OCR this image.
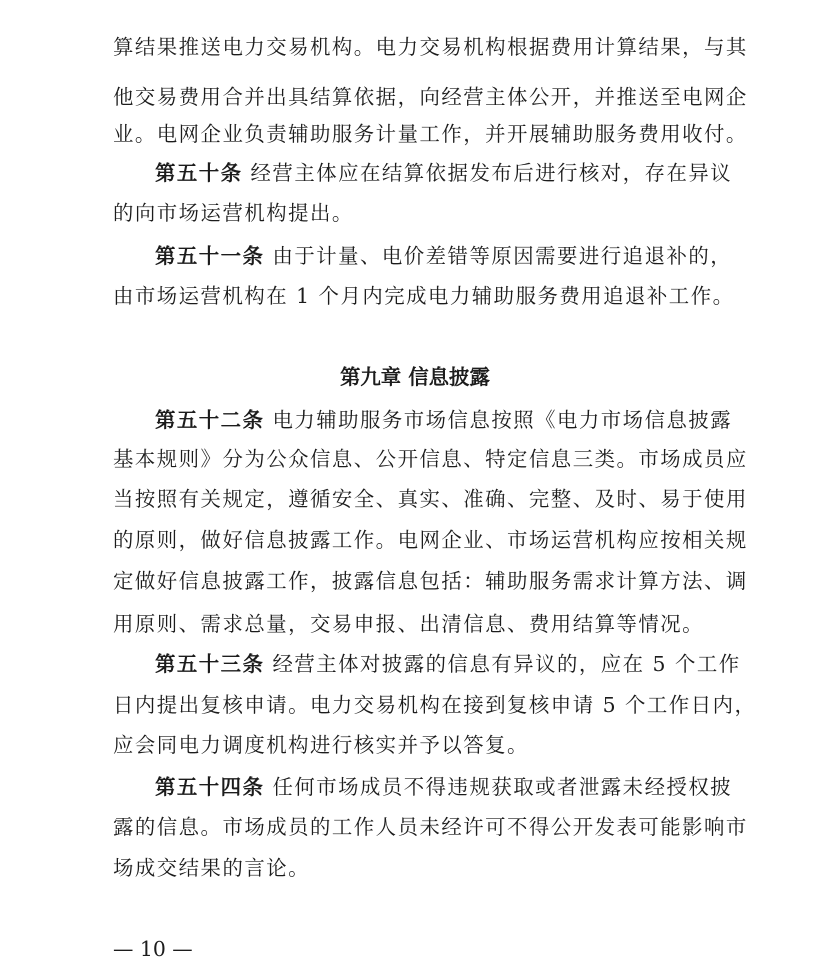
算结果推送电力交易机构。电力交易机构根据费用计算结果，与其
他交易费用合并出具结算依据，向经营主体公开，并推送至电网企
业。电网企业负责辅助服务计量工作，并开展辅助服务费用收付。
第五十条 经营主体应在结算依据发布后进行核对，存在异议
的向市场运营机构提出。
第五十一条 由于计量、电价差错等原因需要进行追退补的，
由市场运营机构在 1 个月内完成电力辅助服务费用追退补工作。
第九章 信息披露
第五十二条 电力辅助服务市场信息按照《电力市场信息披露
基本规则》分为公众信息、公开信息、特定信息三类。市场成员应
当按照有关规定，遵循安全、真实、准确、完整、及时、易于使用
的原则，做好信息披露工作。电网企业、市场运营机构应按相关规
定做好信息披露工作，披露信息包括：辅助服务需求计算方法、调
用原则、需求总量，交易申报、出清信息、费用结算等情况。
第五十三条 经营主体对披露的信息有异议的，应在 5 个工作
日内提出复核申请。电力交易机构在接到复核申请 5 个工作日内，
应会同电力调度机构进行核实并予以答复。
第五十四条 任何市场成员不得违规获取或者泄露未经授权披
露的信息。市场成员的工作人员未经许可不得公开发表可能影响市
场成交结果的言论。
— 10 —
